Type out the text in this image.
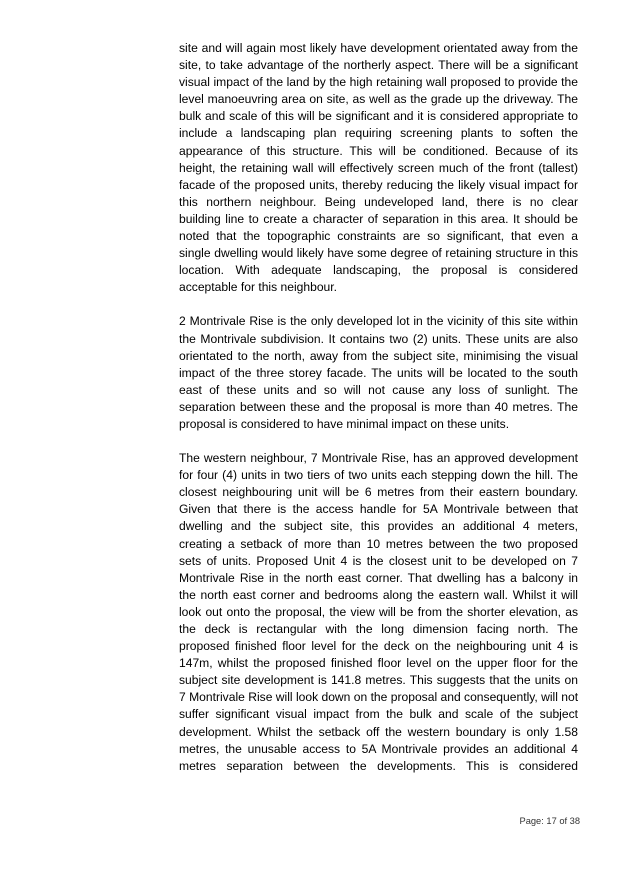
site and will again most likely have development orientated away from the
site, to take advantage of the northerly aspect. There will be a significant
visual impact of the land by the high retaining wall proposed to provide the
level manoeuvring area on site, as well as the grade up the driveway. The
bulk and scale of this will be significant and it is considered appropriate to
include a landscaping plan requiring screening plants to soften the
appearance of this structure. This will be conditioned. Because of its
height, the retaining wall will effectively screen much of the front (tallest)
facade of the proposed units, thereby reducing the likely visual impact for
this northern neighbour. Being undeveloped land, there is no clear
building line to create a character of separation in this area. It should be
noted that the topographic constraints are so significant, that even a
single dwelling would likely have some degree of retaining structure in this
location. With adequate landscaping, the proposal is considered
acceptable for this neighbour.
2 Montrivale Rise is the only developed lot in the vicinity of this site within
the Montrivale subdivision. It contains two (2) units. These units are also
orientated to the north, away from the subject site, minimising the visual
impact of the three storey facade. The units will be located to the south
east of these units and so will not cause any loss of sunlight. The
separation between these and the proposal is more than 40 metres. The
proposal is considered to have minimal impact on these units.
The western neighbour, 7 Montrivale Rise, has an approved development
for four (4) units in two tiers of two units each stepping down the hill. The
closest neighbouring unit will be 6 metres from their eastern boundary.
Given that there is the access handle for 5A Montrivale between that
dwelling and the subject site, this provides an additional 4 meters,
creating a setback of more than 10 metres between the two proposed
sets of units. Proposed Unit 4 is the closest unit to be developed on 7
Montrivale Rise in the north east corner. That dwelling has a balcony in
the north east corner and bedrooms along the eastern wall. Whilst it will
look out onto the proposal, the view will be from the shorter elevation, as
the deck is rectangular with the long dimension facing north. The
proposed finished floor level for the deck on the neighbouring unit 4 is
147m, whilst the proposed finished floor level on the upper floor for the
subject site development is 141.8 metres. This suggests that the units on
7 Montrivale Rise will look down on the proposal and consequently, will not
suffer significant visual impact from the bulk and scale of the subject
development. Whilst the setback off the western boundary is only 1.58
metres, the unusable access to 5A Montrivale provides an additional 4
metres separation between the developments. This is considered
Page: 17 of 38
